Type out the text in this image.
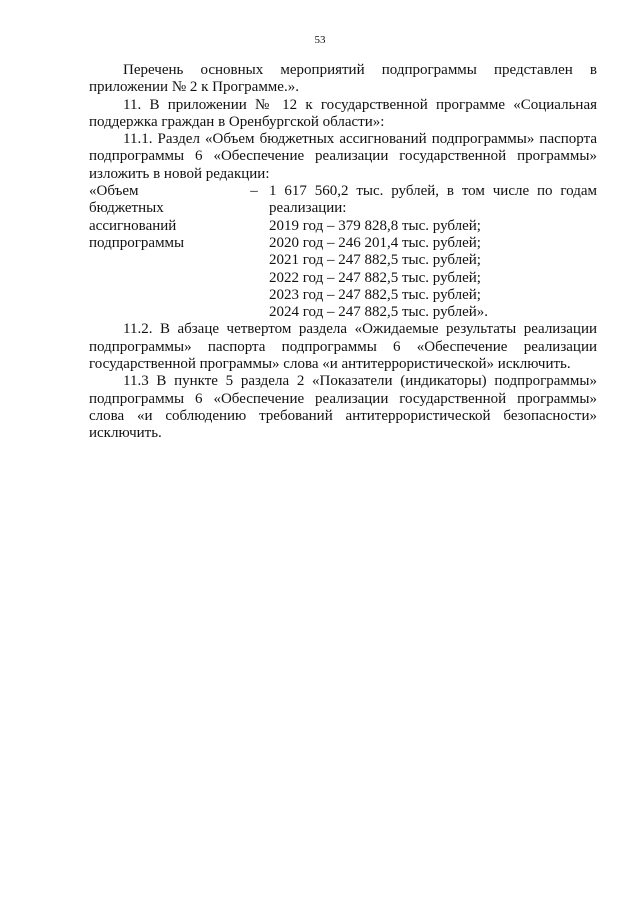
53

Перечень основных мероприятий подпрограммы представлен в

приложении № 2 к Программе.».

11. В приложении № 12 к государственной программе «Социальная поддержка граждан в Оренбургской области»:

11.1. Раздел «Объем бюджетных ассигнований подпрограммы» паспорта подпрограммы 6 «Обеспечение реализации государственной программы» изложить в новой редакции:

«Объем
бюджетных
ассигнований
подпрограммы
– 1 617 560,2 тыс. рублей, в том числе по годам
реализации:
2019 год – 379 828,8 тыс. рублей;
2020 год – 246 201,4 тыс. рублей;
2021 год – 247 882,5 тыс. рублей;
2022 год – 247 882,5 тыс. рублей;
2023 год – 247 882,5 тыс. рублей;
2024 год – 247 882,5 тыс. рублей».

11.2. В абзаце четвертом раздела «Ожидаемые результаты реализации подпрограммы» паспорта подпрограммы 6 «Обеспечение реализации государственной программы» слова «и антитеррористической» исключить.

11.3 В пункте 5 раздела 2 «Показатели (индикаторы) подпрограммы» подпрограммы 6 «Обеспечение реализации государственной программы» слова «и соблюдению требований антитеррористической безопасности» исключить.
